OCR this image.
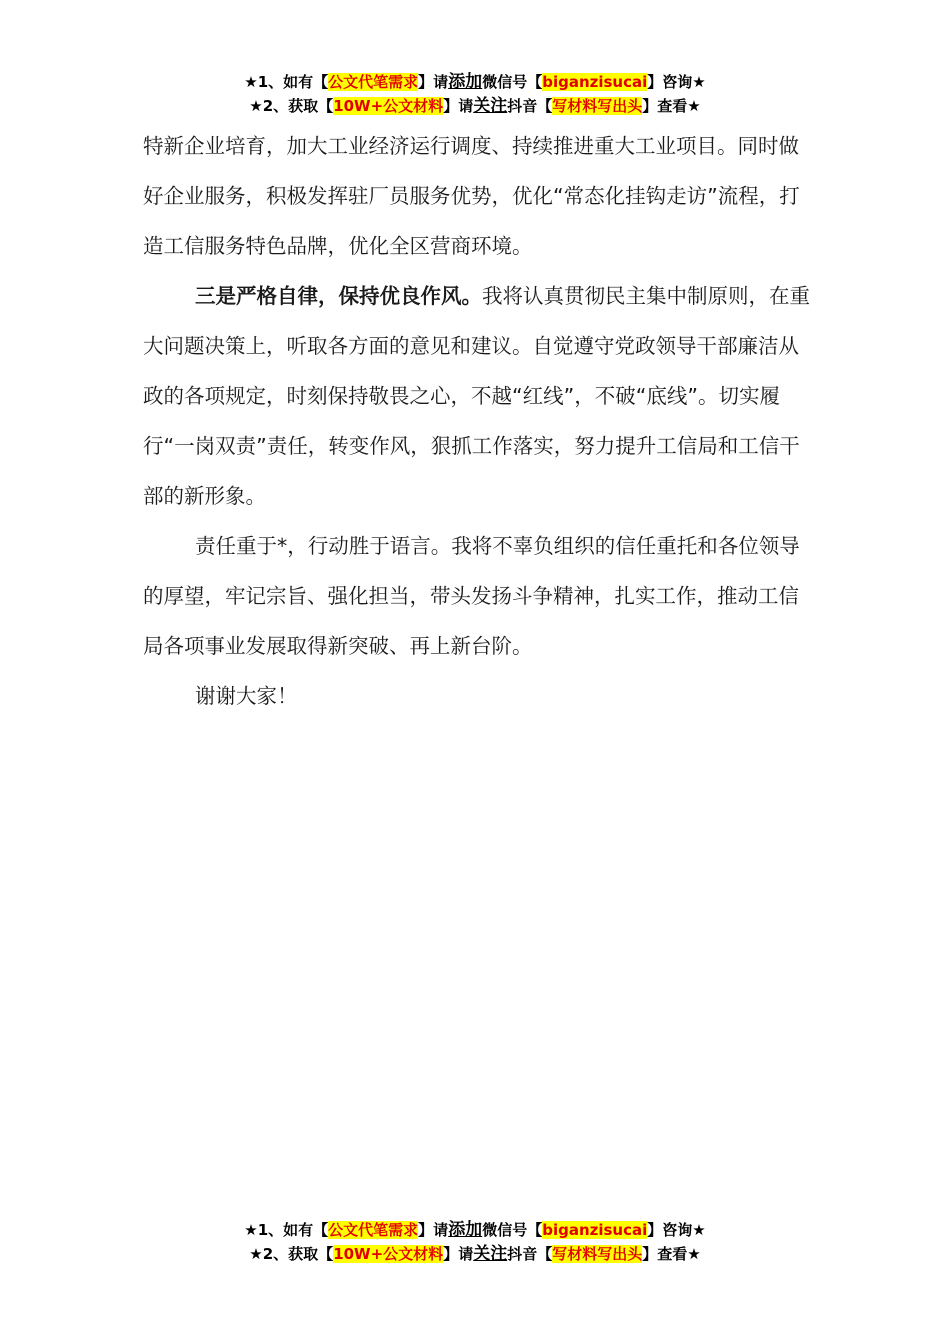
★1、如有【公文代笔需求】请添加微信号【biganzisucai】咨询★
★2、获取【10W+公文材料】请关注抖音【写材料写出头】查看★

特新企业培育，加大工业经济运行调度、持续推进重大工业项目。同时做好企业服务，积极发挥驻厂员服务优势，优化“常态化挂钩走访”流程，打造工信服务特色品牌，优化全区营商环境。

三是严格自律，保持优良作风。我将认真贯彻民主集中制原则，在重大问题决策上，听取各方面的意见和建议。自觉遵守党政领导干部廉洁从政的各项规定，时刻保持敬畏之心，不越“红线”，不破“底线”。切实履行“一岗双责”责任，转变作风，狠抓工作落实，努力提升工信局和工信干部的新形象。

责任重于*，行动胜于语言。我将不辜负组织的信任重托和各位领导的厚望，牢记宗旨、强化担当，带头发扬斗争精神，扎实工作，推动工信局各项事业发展取得新突破、再上新台阶。

谢谢大家！

★1、如有【公文代笔需求】请添加微信号【biganzisucai】咨询★
★2、获取【10W+公文材料】请关注抖音【写材料写出头】查看★
